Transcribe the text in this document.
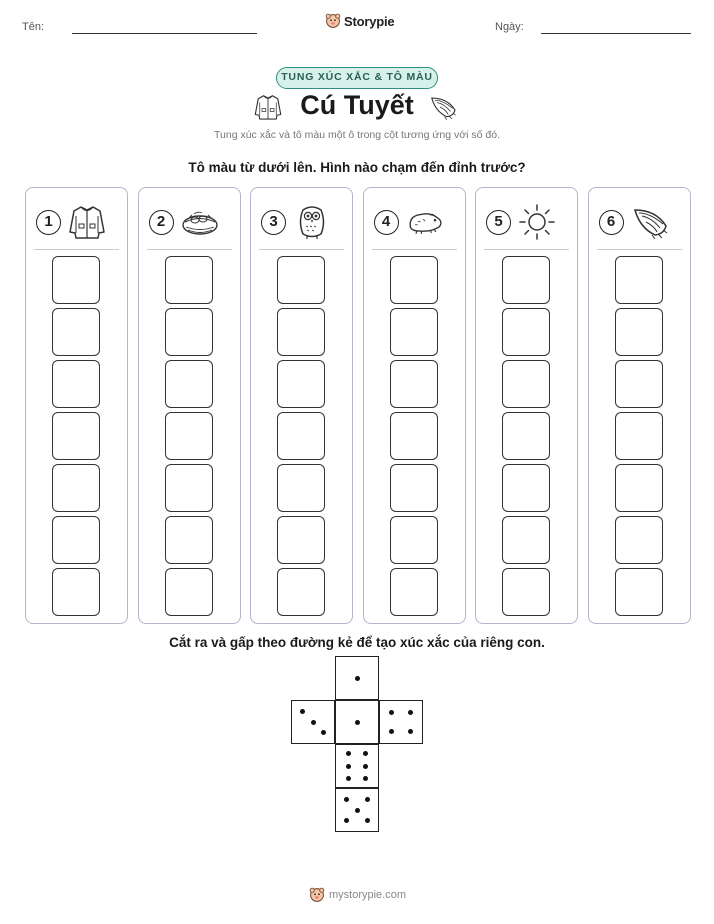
Tên:	Storypie	Ngày:
TUNG XÚC XẮC & TÔ MÀU
Cú Tuyết
Tung xúc xắc và tô màu một ô trong cột tương ứng với số đó.
Tô màu từ dưới lên. Hình nào chạm đến đỉnh trước?
1	2	3	4	5	6
Cắt ra và gấp theo đường kẻ để tạo xúc xắc của riêng con.
mystorypie.com
